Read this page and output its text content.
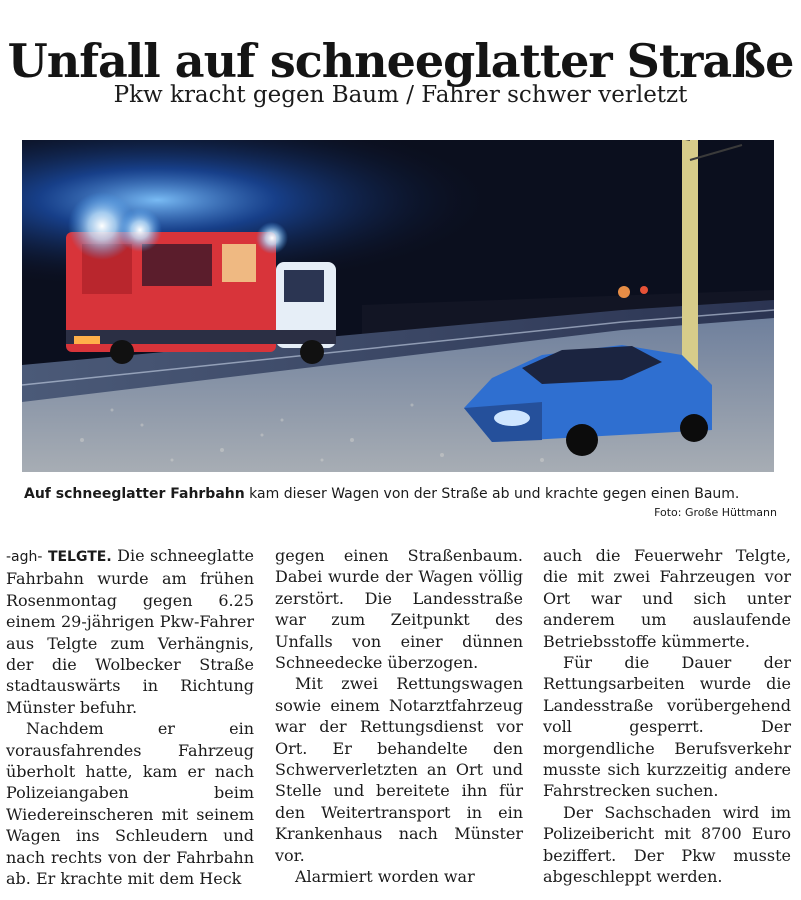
Unfall auf schneeglatter Straße
Pkw kracht gegen Baum / Fahrer schwer verletzt
Auf schneeglatter Fahrbahn kam dieser Wagen von der Straße ab und krachte gegen einen Baum.
Foto: Große Hüttmann

-agh- TELGTE. Die schneeglatte Fahrbahn wurde am frühen Rosenmontag gegen 6.25 einem 29-jährigen Pkw-Fahrer aus Telgte zum Verhängnis, der die Wolbecker Straße stadtauswärts in Richtung Münster befuhr.

Nachdem er ein vorausfahrendes Fahrzeug überholt hatte, kam er nach Polizeiangaben beim Wiedereinscheren mit seinem Wagen ins Schleudern und nach rechts von der Fahrbahn ab. Er krachte mit dem Heck

gegen einen Straßenbaum. Dabei wurde der Wagen völlig zerstört. Die Landesstraße war zum Zeitpunkt des Unfalls von einer dünnen Schneedecke überzogen.

Mit zwei Rettungswagen sowie einem Notarztfahrzeug war der Rettungsdienst vor Ort. Er behandelte den Schwerverletzten an Ort und Stelle und bereitete ihn für den Weitertransport in ein Krankenhaus nach Münster vor.

Alarmiert worden war

auch die Feuerwehr Telgte, die mit zwei Fahrzeugen vor Ort war und sich unter anderem um auslaufende Betriebsstoffe kümmerte.

Für die Dauer der Rettungsarbeiten wurde die Landesstraße vorübergehend voll gesperrt. Der morgendliche Berufsverkehr musste sich kurzzeitig andere Fahrstrecken suchen.

Der Sachschaden wird im Polizeibericht mit 8700 Euro beziffert. Der Pkw musste abgeschleppt werden.
